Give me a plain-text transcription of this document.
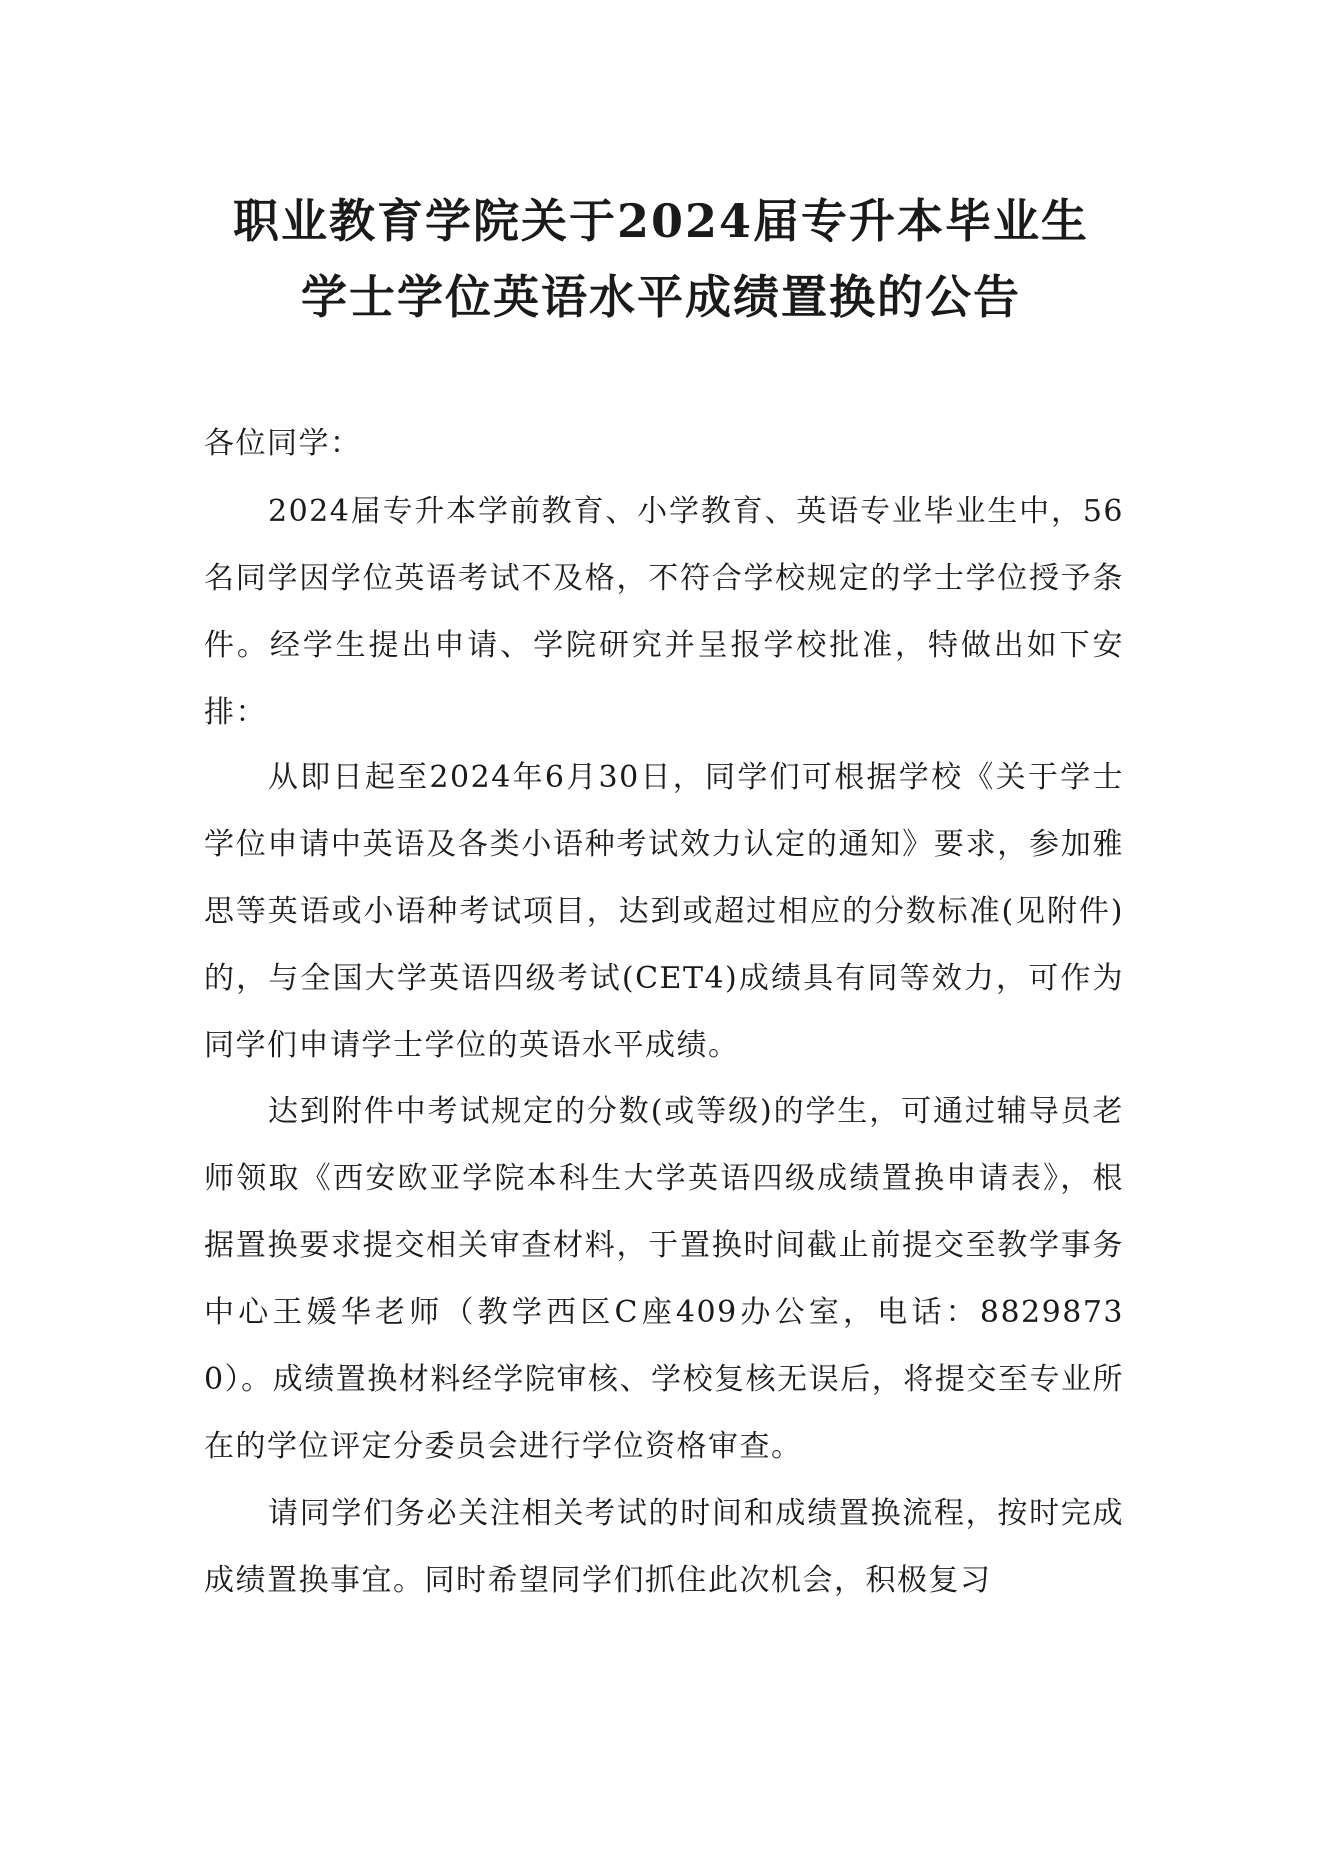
职业教育学院关于2024届专升本毕业生
学士学位英语水平成绩置换的公告
各位同学：

2024届专升本学前教育、小学教育、英语专业毕业生中，56名同学因学位英语考试不及格，不符合学校规定的学士学位授予条件。经学生提出申请、学院研究并呈报学校批准，特做出如下安排：

从即日起至2024年6月30日，同学们可根据学校《关于学士学位申请中英语及各类小语种考试效力认定的通知》要求，参加雅思等英语或小语种考试项目，达到或超过相应的分数标准(见附件)的，与全国大学英语四级考试(CET4)成绩具有同等效力，可作为同学们申请学士学位的英语水平成绩。

达到附件中考试规定的分数(或等级)的学生，可通过辅导员老师领取《西安欧亚学院本科生大学英语四级成绩置换申请表》，根据置换要求提交相关审查材料，于置换时间截止前提交至教学事务中心王媛华老师（教学西区C座409办公室，电话：88298730）。成绩置换材料经学院审核、学校复核无误后，将提交至专业所在的学位评定分委员会进行学位资格审查。

请同学们务必关注相关考试的时间和成绩置换流程，按时完成成绩置换事宜。同时希望同学们抓住此次机会，积极复习
